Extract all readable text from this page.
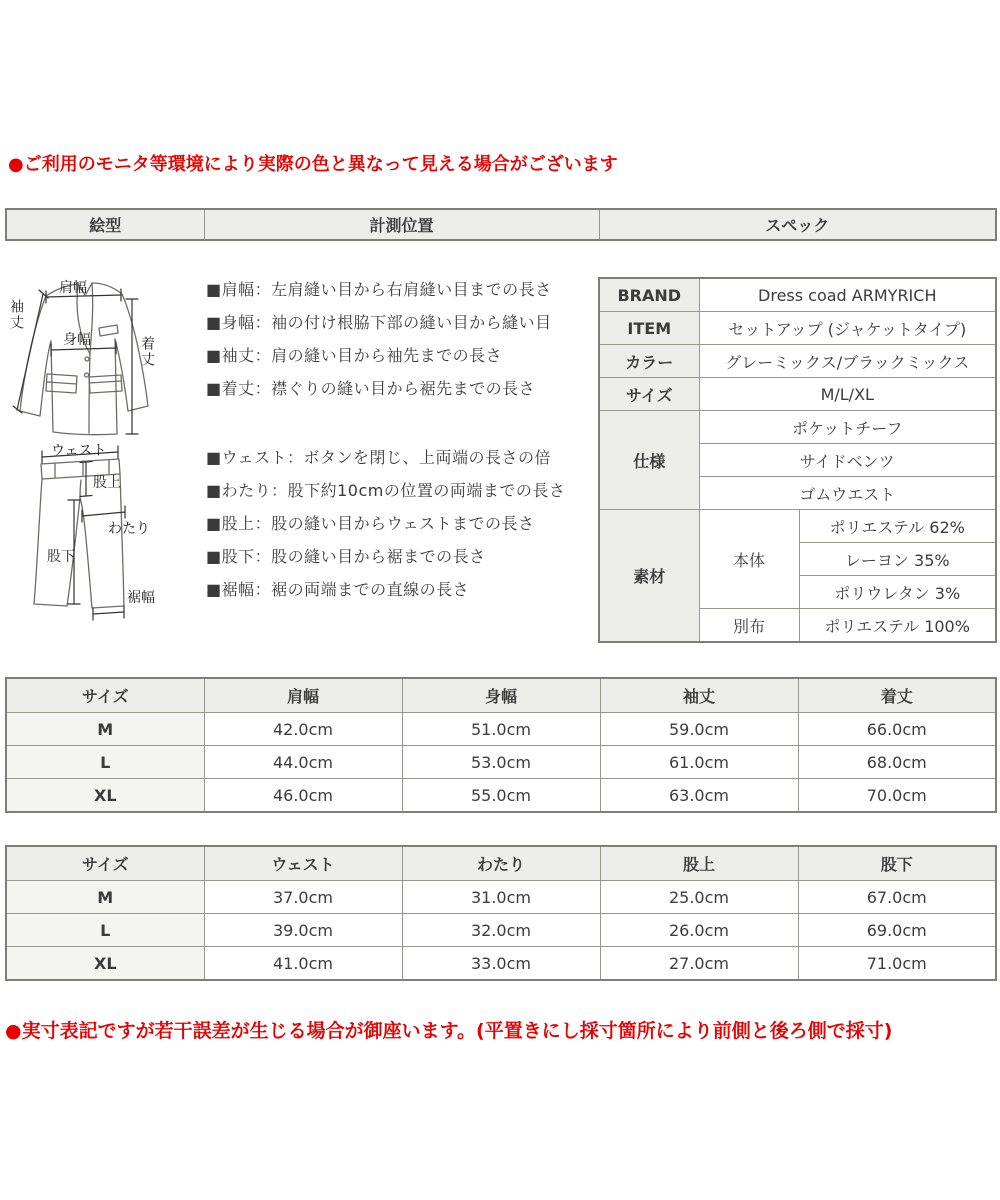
●ご利用のモニタ等環境により実際の色と異なって見える場合がございます
絵型	計測位置	スペック
肩幅
袖丈
身幅	着丈
ウェスト
股上
わたり
股下
裾幅
■肩幅：左肩縫い目から右肩縫い目までの長さ
■身幅：袖の付け根脇下部の縫い目から縫い目
■袖丈：肩の縫い目から袖先までの長さ
■着丈：襟ぐりの縫い目から裾先までの長さ
■ウェスト：ボタンを閉じ、上両端の長さの倍
■わたり：股下約10cmの位置の両端までの長さ
■股上：股の縫い目からウェストまでの長さ
■股下：股の縫い目から裾までの長さ
■裾幅：裾の両端までの直線の長さ
BRAND	Dress coad ARMYRICH	
ITEM	セットアップ (ジャケットタイプ)	
カラー	グレーミックス/ブラックミックス	
サイズ	M/L/XL	
仕様	ポケットチーフ	
	サイドベンツ	
	ゴムウエスト	
素材	本体	ポリエステル 62%
		レーヨン 35%
		ポリウレタン 3%
	別布	ポリエステル 100%
サイズ	肩幅	身幅	袖丈	着丈
M	42.0cm	51.0cm	59.0cm	66.0cm
L	44.0cm	53.0cm	61.0cm	68.0cm
XL	46.0cm	55.0cm	63.0cm	70.0cm
サイズ	ウェスト	わたり	股上	股下
M	37.0cm	31.0cm	25.0cm	67.0cm
L	39.0cm	32.0cm	26.0cm	69.0cm
XL	41.0cm	33.0cm	27.0cm	71.0cm
●実寸表記ですが若干誤差が生じる場合が御座います。(平置きにし採寸箇所により前側と後ろ側で採寸)
